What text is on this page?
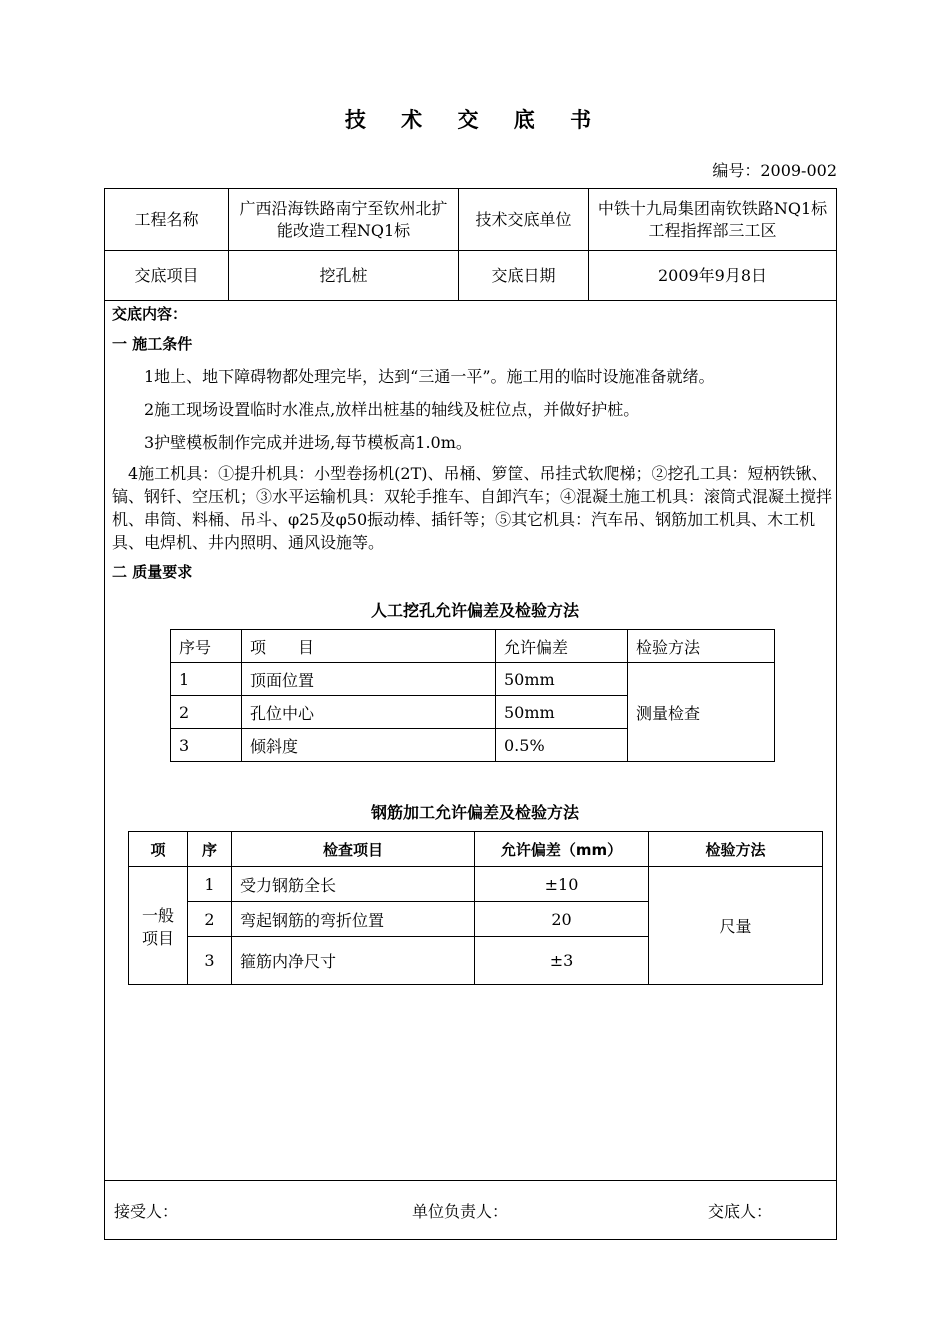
技 术 交 底 书
编号：2009-002
工程名称	广西沿海铁路南宁至钦州北扩能改造工程NQ1标	技术交底单位	中铁十九局集团南钦铁路NQ1标工程指挥部三工区
交底项目	挖孔桩	交底日期	2009年9月8日
交底内容：
一 施工条件
1地上、地下障碍物都处理完毕，达到“三通一平”。施工用的临时设施准备就绪。
2施工现场设置临时水准点,放样出桩基的轴线及桩位点，并做好护桩。
3护壁模板制作完成并进场,每节模板高1.0m。
4施工机具：①提升机具：小型卷扬机(2T)、吊桶、箩筐、吊挂式软爬梯；②挖孔工具：短柄铁锹、镐、钢钎、空压机；③水平运输机具：双轮手推车、自卸汽车；④混凝土施工机具：滚筒式混凝土搅拌机、串筒、料桶、吊斗、φ25及φ50振动棒、插钎等；⑤其它机具：汽车吊、钢筋加工机具、木工机具、电焊机、井内照明、通风设施等。
二 质量要求
人工挖孔允许偏差及检验方法
序号	项　　目	允许偏差	检验方法
1	顶面位置	50mm	测量检查
2	孔位中心	50mm	
3	倾斜度	0.5%	
钢筋加工允许偏差及检验方法
项	序	检查项目	允许偏差（mm）	检验方法
一般项目	1	受力钢筋全长	±10	尺量
	2	弯起钢筋的弯折位置	20	
	3	箍筋内净尺寸	±3	
接受人：	单位负责人：	交底人：
